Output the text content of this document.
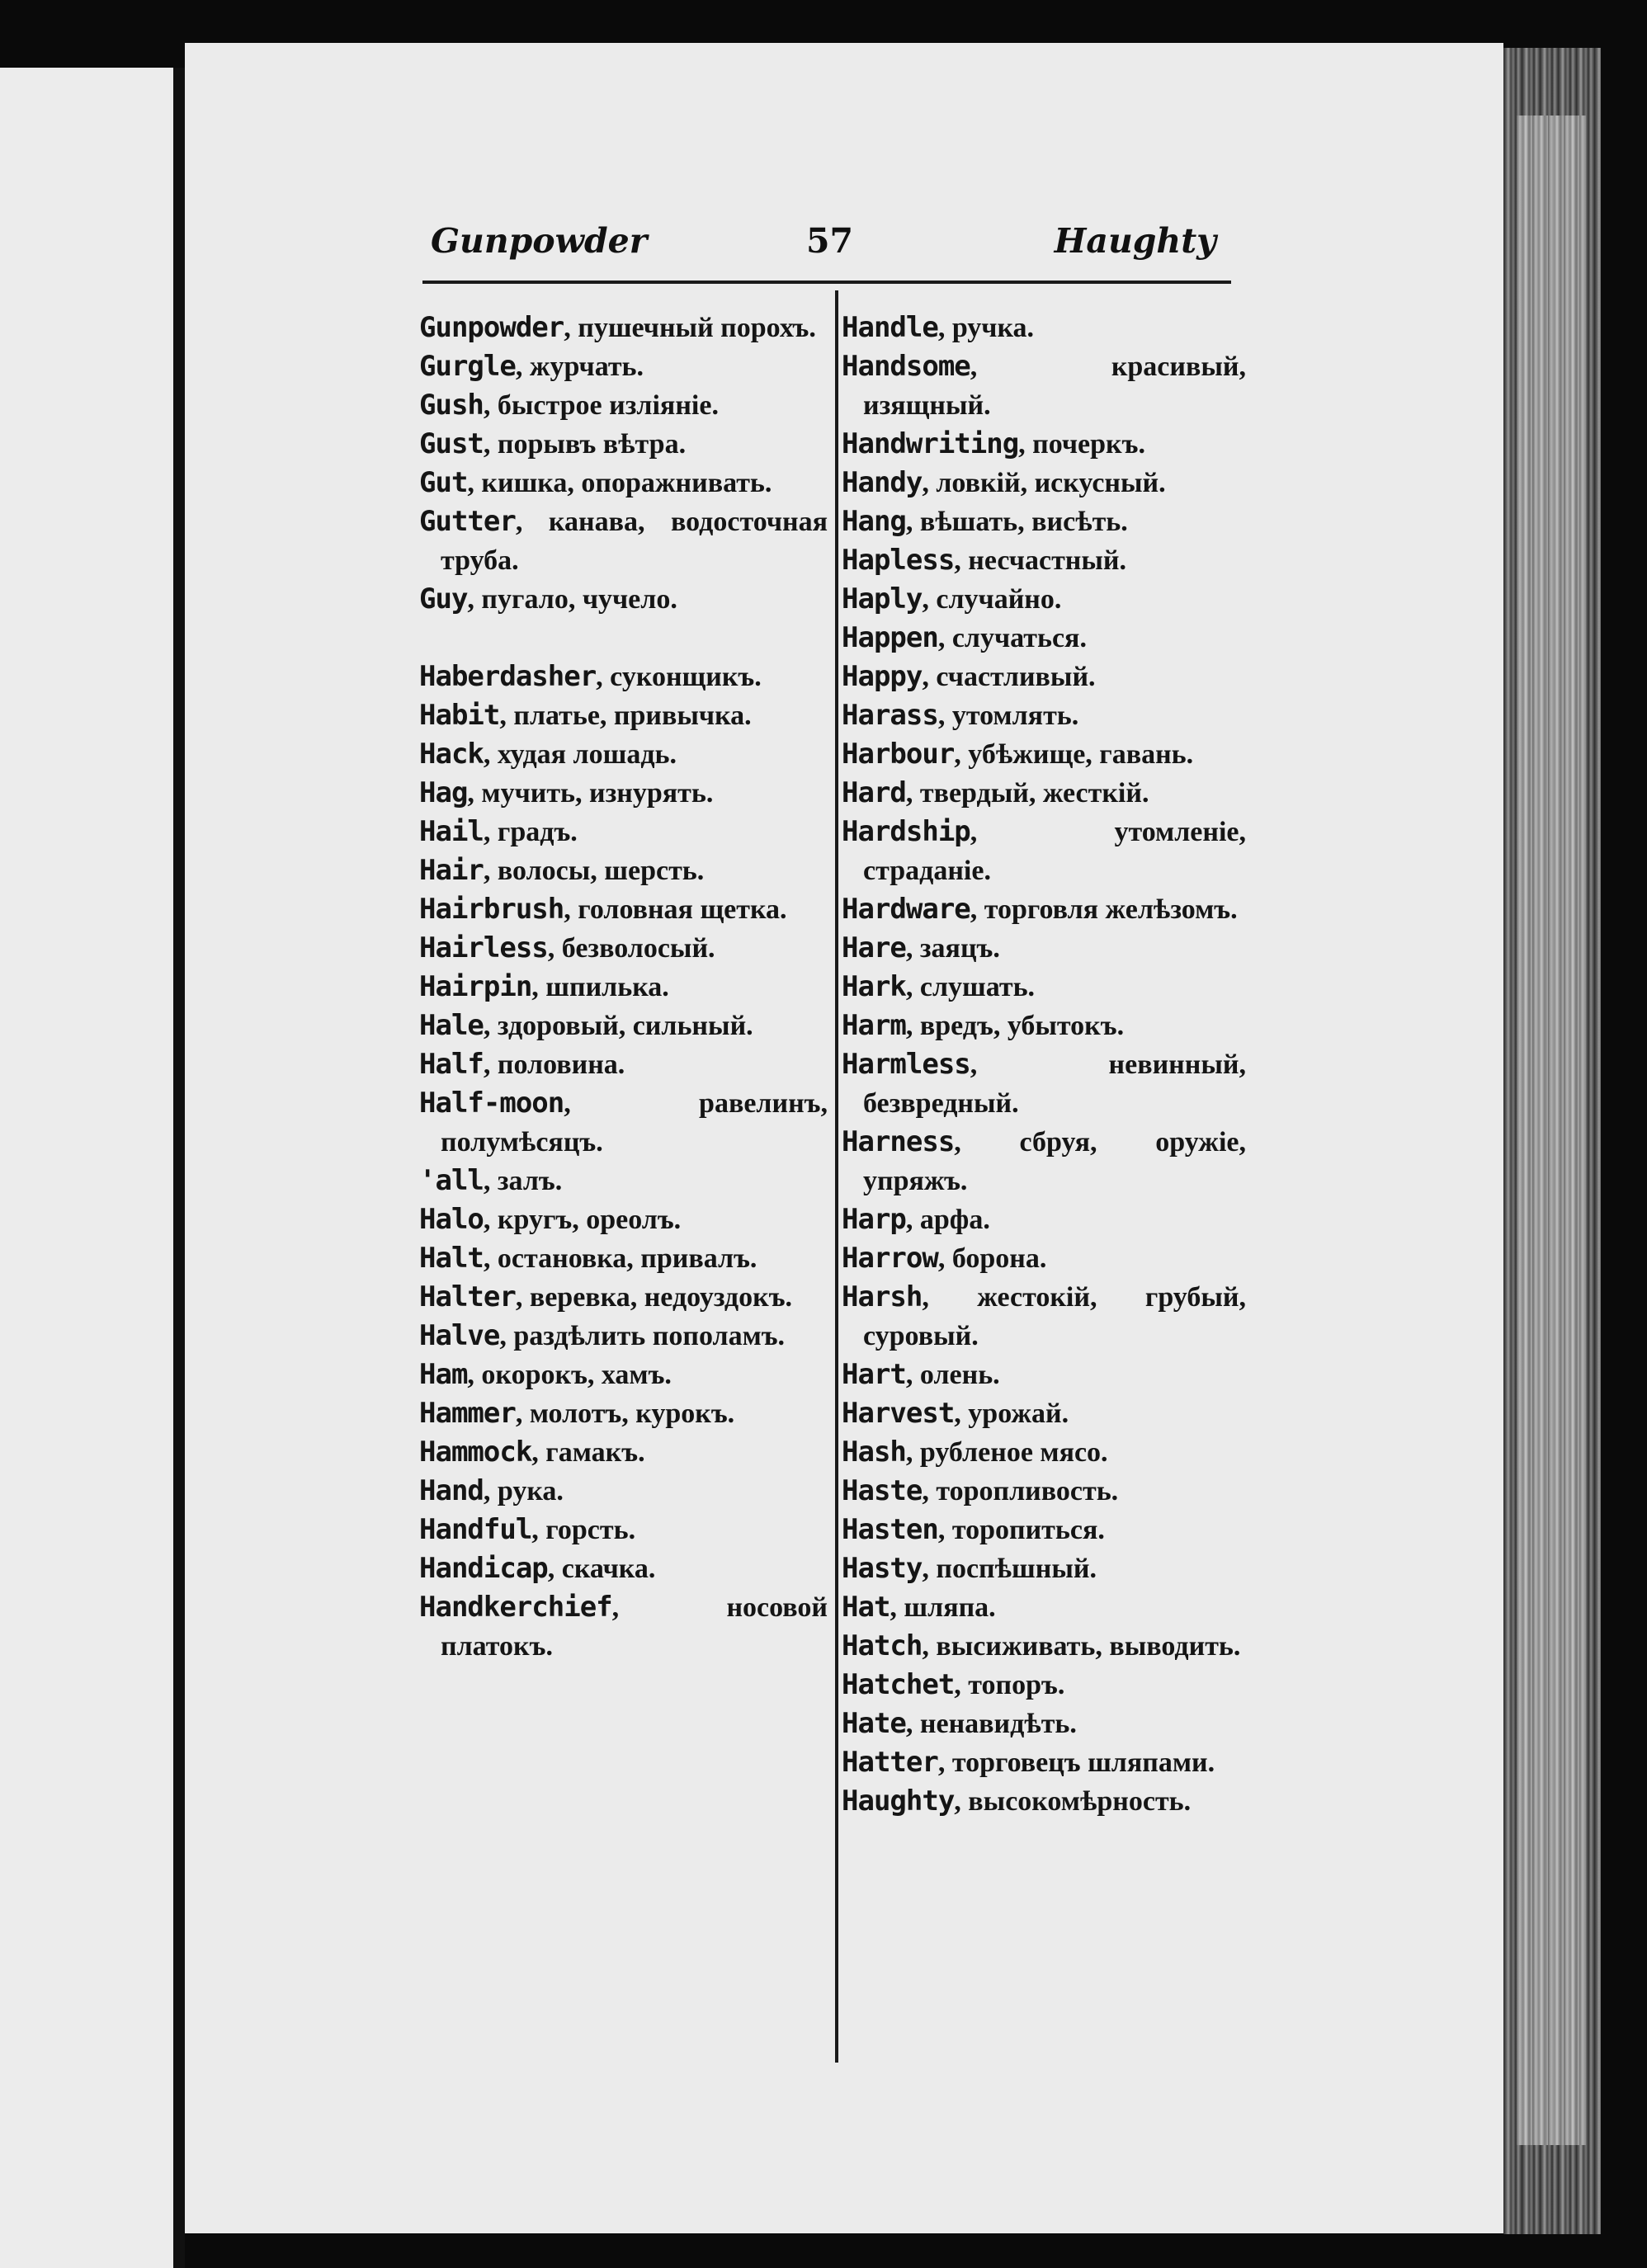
Gunpowder	57	Haughty
Gunpowder, пушечный порохъ.
Gurgle, журчать.
Gush, быстрое изліяніе.
Gust, порывъ вѣтра.
Gut, кишка, опоражнивать.
Gutter, канава, водосточная труба.
Guy, пугало, чучело.
Haberdasher, суконщикъ.
Habit, платье, привычка.
Hack, худая лошадь.
Hag, мучить, изнурять.
Hail, градъ.
Hair, волосы, шерсть.
Hairbrush, головная щетка.
Hairless, безволосый.
Hairpin, шпилька.
Hale, здоровый, сильный.
Half, половина.
Half-moon, равелинъ, полумѣсяцъ.
'all, залъ.
Halo, кругъ, ореолъ.
Halt, остановка, привалъ.
Halter, веревка, недоуздокъ.
Halve, раздѣлить пополамъ.
Ham, окорокъ, хамъ.
Hammer, молотъ, курокъ.
Hammock, гамакъ.
Hand, рука.
Handful, горсть.
Handicap, скачка.
Handkerchief, носовой платокъ.
Handle, ручка.
Handsome, красивый, изящный.
Handwriting, почеркъ.
Handy, ловкій, искусный.
Hang, вѣшать, висѣть.
Hapless, несчастный.
Haply, случайно.
Happen, случаться.
Happy, счастливый.
Harass, утомлять.
Harbour, убѣжище, гавань.
Hard, твердый, жесткій.
Hardship, утомленіе, страданіе.
Hardware, торговля желѣзомъ.
Hare, заяцъ.
Hark, слушать.
Harm, вредъ, убытокъ.
Harmless, невинный, безвредный.
Harness, сбруя, оружіе, упряжъ.
Harp, арфа.
Harrow, борона.
Harsh, жестокій, грубый, суровый.
Hart, олень.
Harvest, урожай.
Hash, рубленое мясо.
Haste, торопливость.
Hasten, торопиться.
Hasty, поспѣшный.
Hat, шляпа.
Hatch, высиживать, выводить.
Hatchet, топоръ.
Hate, ненавидѣть.
Hatter, торговецъ шляпами.
Haughty, высокомѣрность.
